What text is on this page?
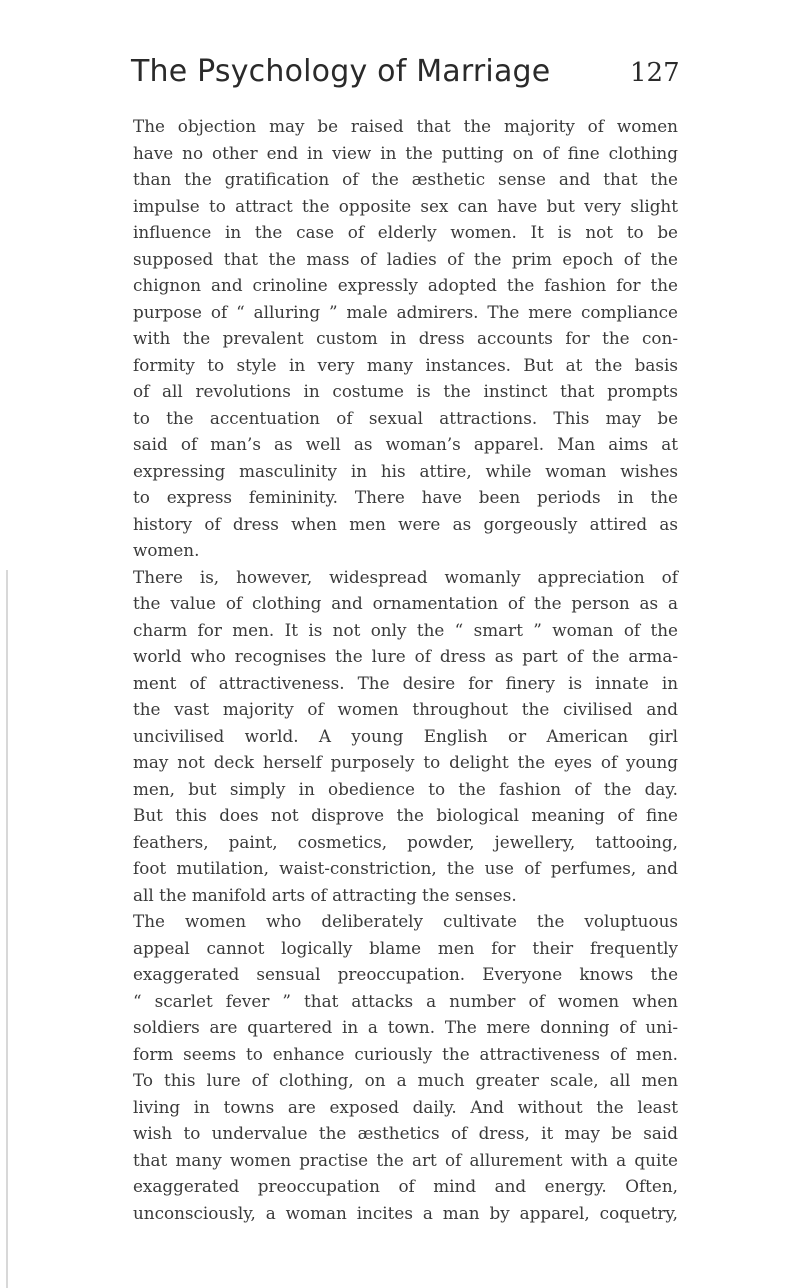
The Psychology of Marriage	127
The objection may be raised that the majority of women
have no other end in view in the putting on of fine clothing
than the gratification of the æsthetic sense and that the
impulse to attract the opposite sex can have but very slight
influence in the case of elderly women. It is not to be
supposed that the mass of ladies of the prim epoch of the
chignon and crinoline expressly adopted the fashion for the
purpose of “ alluring ” male admirers. The mere compliance
with the prevalent custom in dress accounts for the con-
formity to style in very many instances. But at the basis
of all revolutions in costume is the instinct that prompts
to the accentuation of sexual attractions. This may be
said of man’s as well as woman’s apparel. Man aims at
expressing masculinity in his attire, while woman wishes
to express femininity. There have been periods in the
history of dress when men were as gorgeously attired as
women.
There is, however, widespread womanly appreciation of
the value of clothing and ornamentation of the person as a
charm for men. It is not only the “ smart ” woman of the
world who recognises the lure of dress as part of the arma-
ment of attractiveness. The desire for finery is innate in
the vast majority of women throughout the civilised and
uncivilised world. A young English or American girl
may not deck herself purposely to delight the eyes of young
men, but simply in obedience to the fashion of the day.
But this does not disprove the biological meaning of fine
feathers, paint, cosmetics, powder, jewellery, tattooing,
foot mutilation, waist-constriction, the use of perfumes, and
all the manifold arts of attracting the senses.
The women who deliberately cultivate the voluptuous
appeal cannot logically blame men for their frequently
exaggerated sensual preoccupation. Everyone knows the
“ scarlet fever ” that attacks a number of women when
soldiers are quartered in a town. The mere donning of uni-
form seems to enhance curiously the attractiveness of men.
To this lure of clothing, on a much greater scale, all men
living in towns are exposed daily. And without the least
wish to undervalue the æsthetics of dress, it may be said
that many women practise the art of allurement with a quite
exaggerated preoccupation of mind and energy. Often,
unconsciously, a woman incites a man by apparel, coquetry,
